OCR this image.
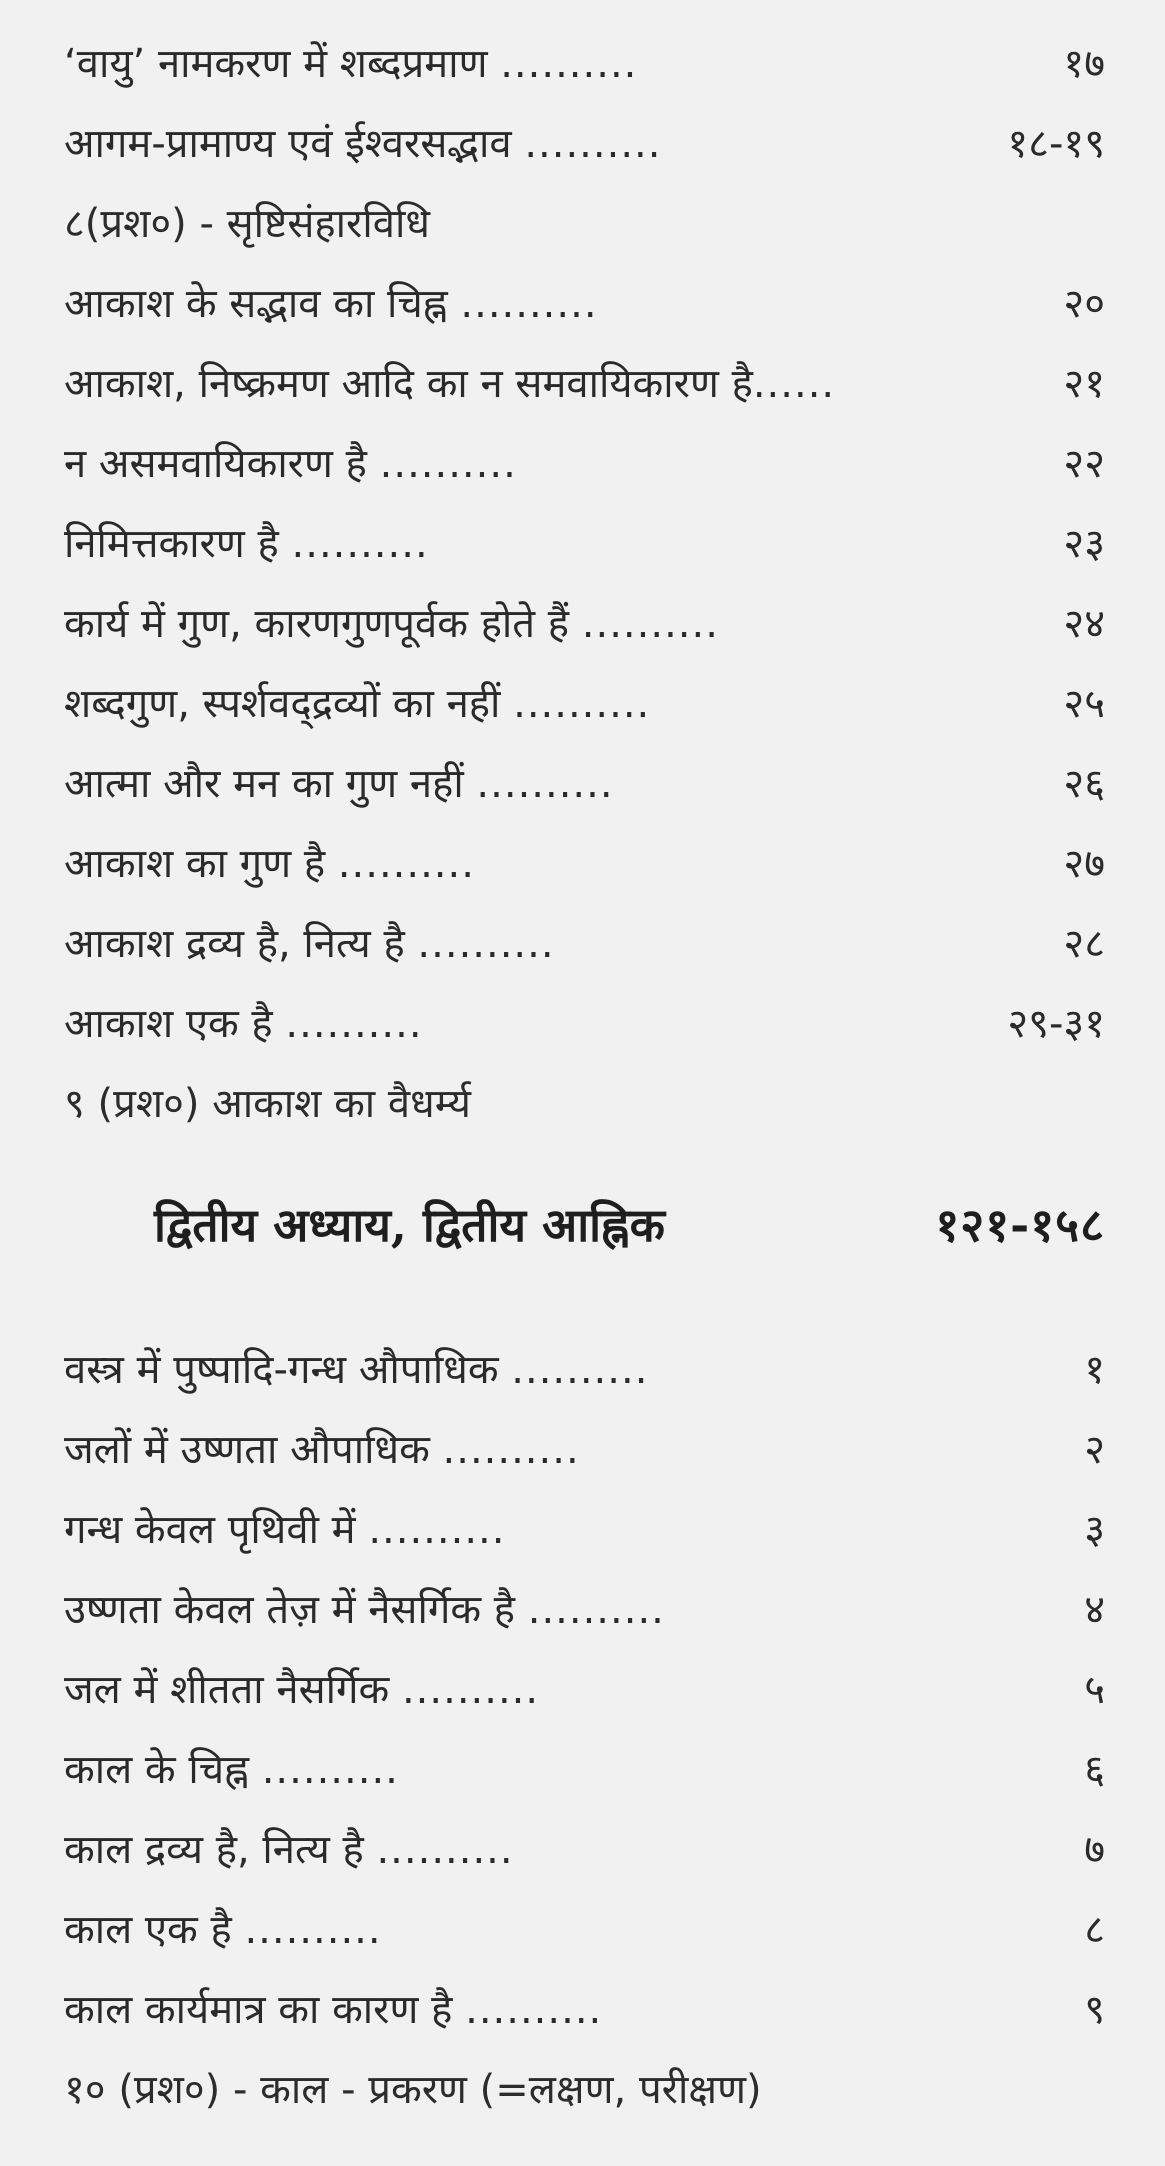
‘वायु’ नामकरण में शब्दप्रमाण ..........	१७
आगम-प्रामाण्य एवं ईश्वरसद्भाव ..........	१८-१९
८(प्रश०) - सृष्टिसंहारविधि
आकाश के सद्भाव का चिह्न ..........	२०
आकाश, निष्क्रमण आदि का न समवायिकारण है......	२१
न असमवायिकारण है ..........	२२
निमित्तकारण है ..........	२३
कार्य में गुण, कारणगुणपूर्वक होते हैं ..........	२४
शब्दगुण, स्पर्शवद्द्रव्यों का नहीं ..........	२५
आत्मा और मन का गुण नहीं ..........	२६
आकाश का गुण है ..........	२७
आकाश द्रव्य है, नित्य है ..........	२८
आकाश एक है ..........	२९-३१
९ (प्रश०) आकाश का वैधर्म्य
द्वितीय अध्याय, द्वितीय आह्निक	१२१-१५८
वस्त्र में पुष्पादि-गन्ध औपाधिक ..........	१
जलों में उष्णता औपाधिक ..........	२
गन्ध केवल पृथिवी में ..........	३
उष्णता केवल तेज़ में नैसर्गिक है ..........	४
जल में शीतता नैसर्गिक ..........	५
काल के चिह्न ..........	६
काल द्रव्य है, नित्य है ..........	७
काल एक है ..........	८
काल कार्यमात्र का कारण है ..........	९
१० (प्रश०) - काल - प्रकरण (=लक्षण, परीक्षण)
